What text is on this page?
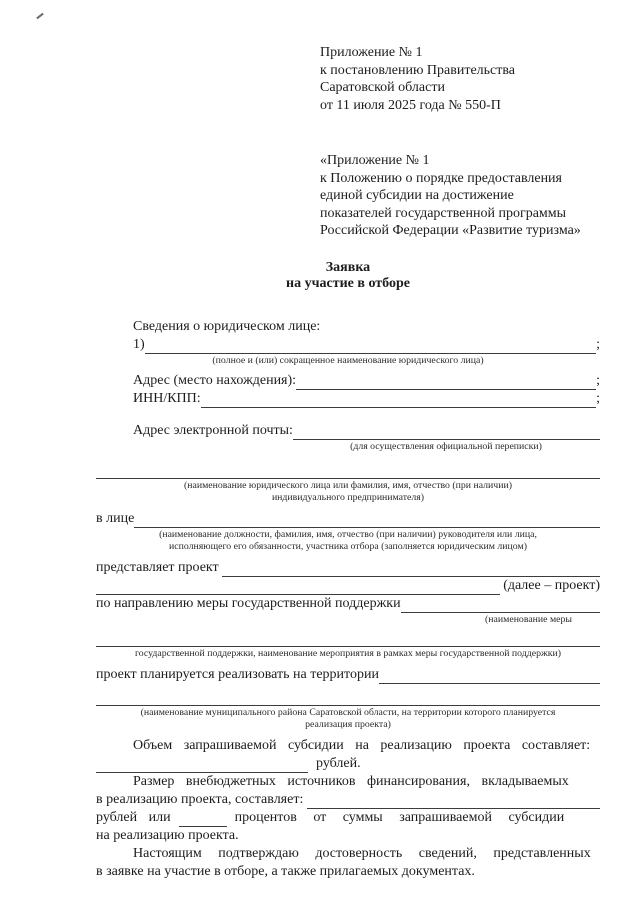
Приложение № 1
к постановлению Правительства
Саратовской области
от 11 июля 2025 года № 550-П
«Приложение № 1
к Положению о порядке предоставления
единой субсидии на достижение
показателей государственной программы
Российской Федерации «Развитие туризма»
Заявка
на участие в отборе

Сведения о юридическом лице:

1)	;
(полное и (или) сокращенное наименование юридического лица)
Адрес (место нахождения):	;
ИНН/КПП:	;
Адрес электронной почты:
(для осуществления официальной переписки)
(наименование юридического лица или фамилия, имя, отчество (при наличии)
индивидуального предпринимателя)
в лице
(наименование должности, фамилия, имя, отчество (при наличии) руководителя или лица,
исполняющего его обязанности, участника отбора (заполняется юридическим лицом)
представляет проект
(далее – проект)
по направлению меры государственной поддержки
(наименование меры
государственной поддержки, наименование мероприятия в рамках меры государственной поддержки)
проект планируется реализовать на территории
(наименование муниципального района Саратовской области, на территории которого планируется
реализация проекта)

Объем запрашиваемой субсидии на реализацию проекта составляет:

рублей.

Размер внебюджетных источников финансирования, вкладываемых

в реализацию проекта, составляет:
рублей или	процентов от суммы запрашиваемой субсидии

на реализацию проекта.

Настоящим подтверждаю достоверность сведений, представленных

в заявке на участие в отборе, а также прилагаемых документах.
